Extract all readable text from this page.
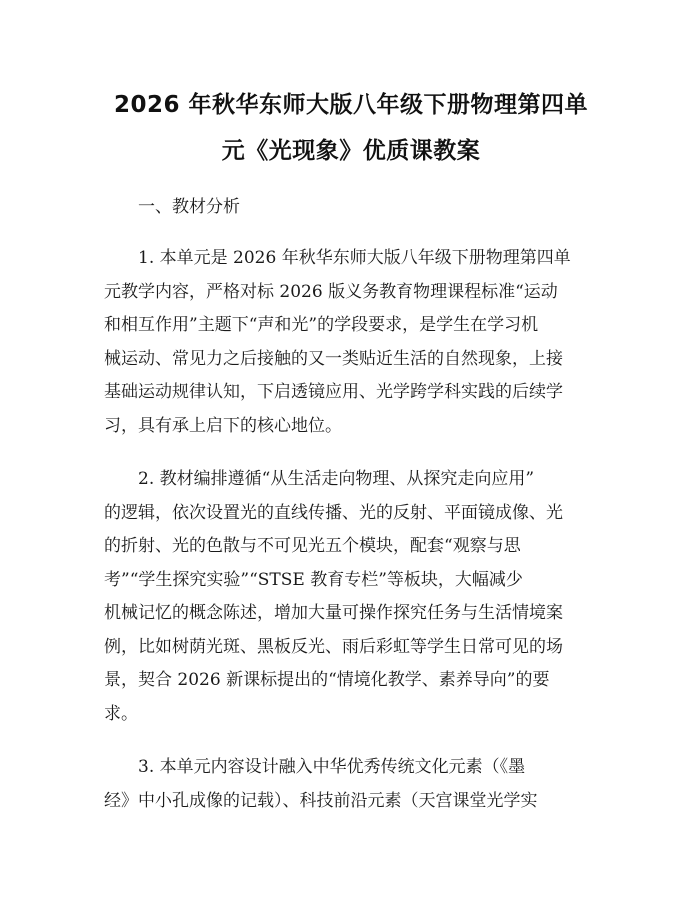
2026 年秋华东师大版八年级下册物理第四单
元《光现象》优质课教案

一、教材分析

1. 本单元是 2026 年秋华东师大版八年级下册物理第四单
元教学内容，严格对标 2026 版义务教育物理课程标准“运动
和相互作用”主题下“声和光”的学段要求，是学生在学习机
械运动、常见力之后接触的又一类贴近生活的自然现象，上接
基础运动规律认知，下启透镜应用、光学跨学科实践的后续学
习，具有承上启下的核心地位。

2. 教材编排遵循“从生活走向物理、从探究走向应用”
的逻辑，依次设置光的直线传播、光的反射、平面镜成像、光
的折射、光的色散与不可见光五个模块，配套“观察与思
考”“学生探究实验”“STSE 教育专栏”等板块，大幅减少
机械记忆的概念陈述，增加大量可操作探究任务与生活情境案
例，比如树荫光斑、黑板反光、雨后彩虹等学生日常可见的场
景，契合 2026 新课标提出的“情境化教学、素养导向”的要
求。

3. 本单元内容设计融入中华优秀传统文化元素（《墨
经》中小孔成像的记载）、科技前沿元素（天宫课堂光学实
